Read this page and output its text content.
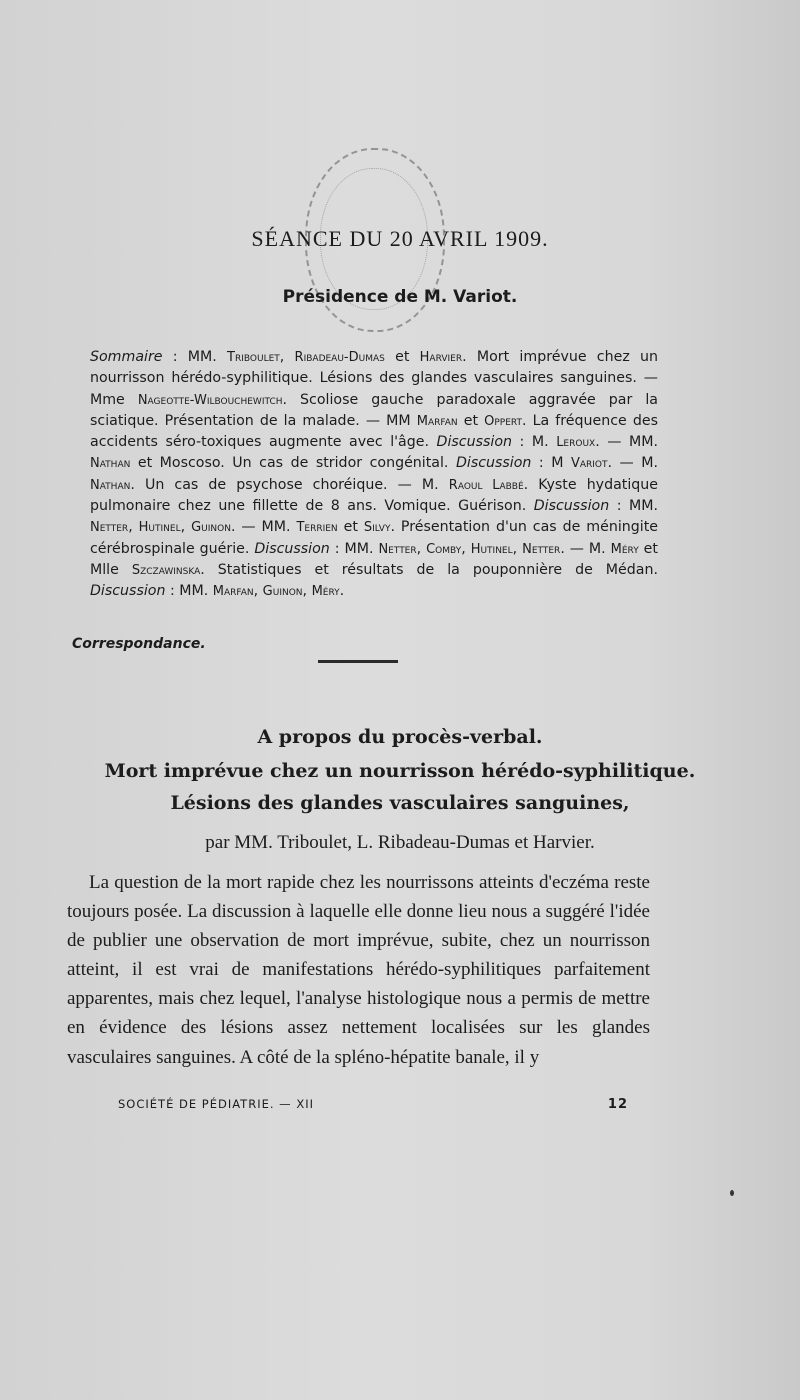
SÉANCE DU 20 AVRIL 1909.
Présidence de M. Variot.
Sommaire : MM. Triboulet, Ribadeau-Dumas et Harvier. Mort imprévue chez un nourrisson hérédo-syphilitique. Lésions des glandes vasculaires sanguines. — Mme Nageotte-Wilbouchewitch. Scoliose gauche paradoxale aggravée par la sciatique. Présentation de la malade. — MM Marfan et Oppert. La fréquence des accidents séro-toxiques augmente avec l'âge. Discussion : M. Leroux. — MM. Nathan et Moscoso. Un cas de stridor congénital. Discussion : M Variot. — M. Nathan. Un cas de psychose choréique. — M. Raoul Labbé. Kyste hydatique pulmonaire chez une fillette de 8 ans. Vomique. Guérison. Discussion : MM. Netter, Hutinel, Guinon. — MM. Terrien et Silvy. Présentation d'un cas de méningite cérébrospinale guérie. Discussion : MM. Netter, Comby, Hutinel, Netter. — M. Méry et Mlle Szczawinska. Statistiques et résultats de la pouponnière de Médan. Discussion : MM. Marfan, Guinon, Méry.
Correspondance.
A propos du procès-verbal.
Mort imprévue chez un nourrisson hérédo-syphilitique.
Lésions des glandes vasculaires sanguines,
par MM. Triboulet, L. Ribadeau-Dumas et Harvier.
La question de la mort rapide chez les nourrissons atteints d'eczéma reste toujours posée. La discussion à laquelle elle donne lieu nous a suggéré l'idée de publier une observation de mort imprévue, subite, chez un nourrisson atteint, il est vrai de manifestations hérédo-syphilitiques parfaitement apparentes, mais chez lequel, l'analyse histologique nous a permis de mettre en évidence des lésions assez nettement localisées sur les glandes vasculaires sanguines. A côté de la spléno-hépatite banale, il y
SOCIÉTÉ DE PÉDIATRIE. — XII	12
